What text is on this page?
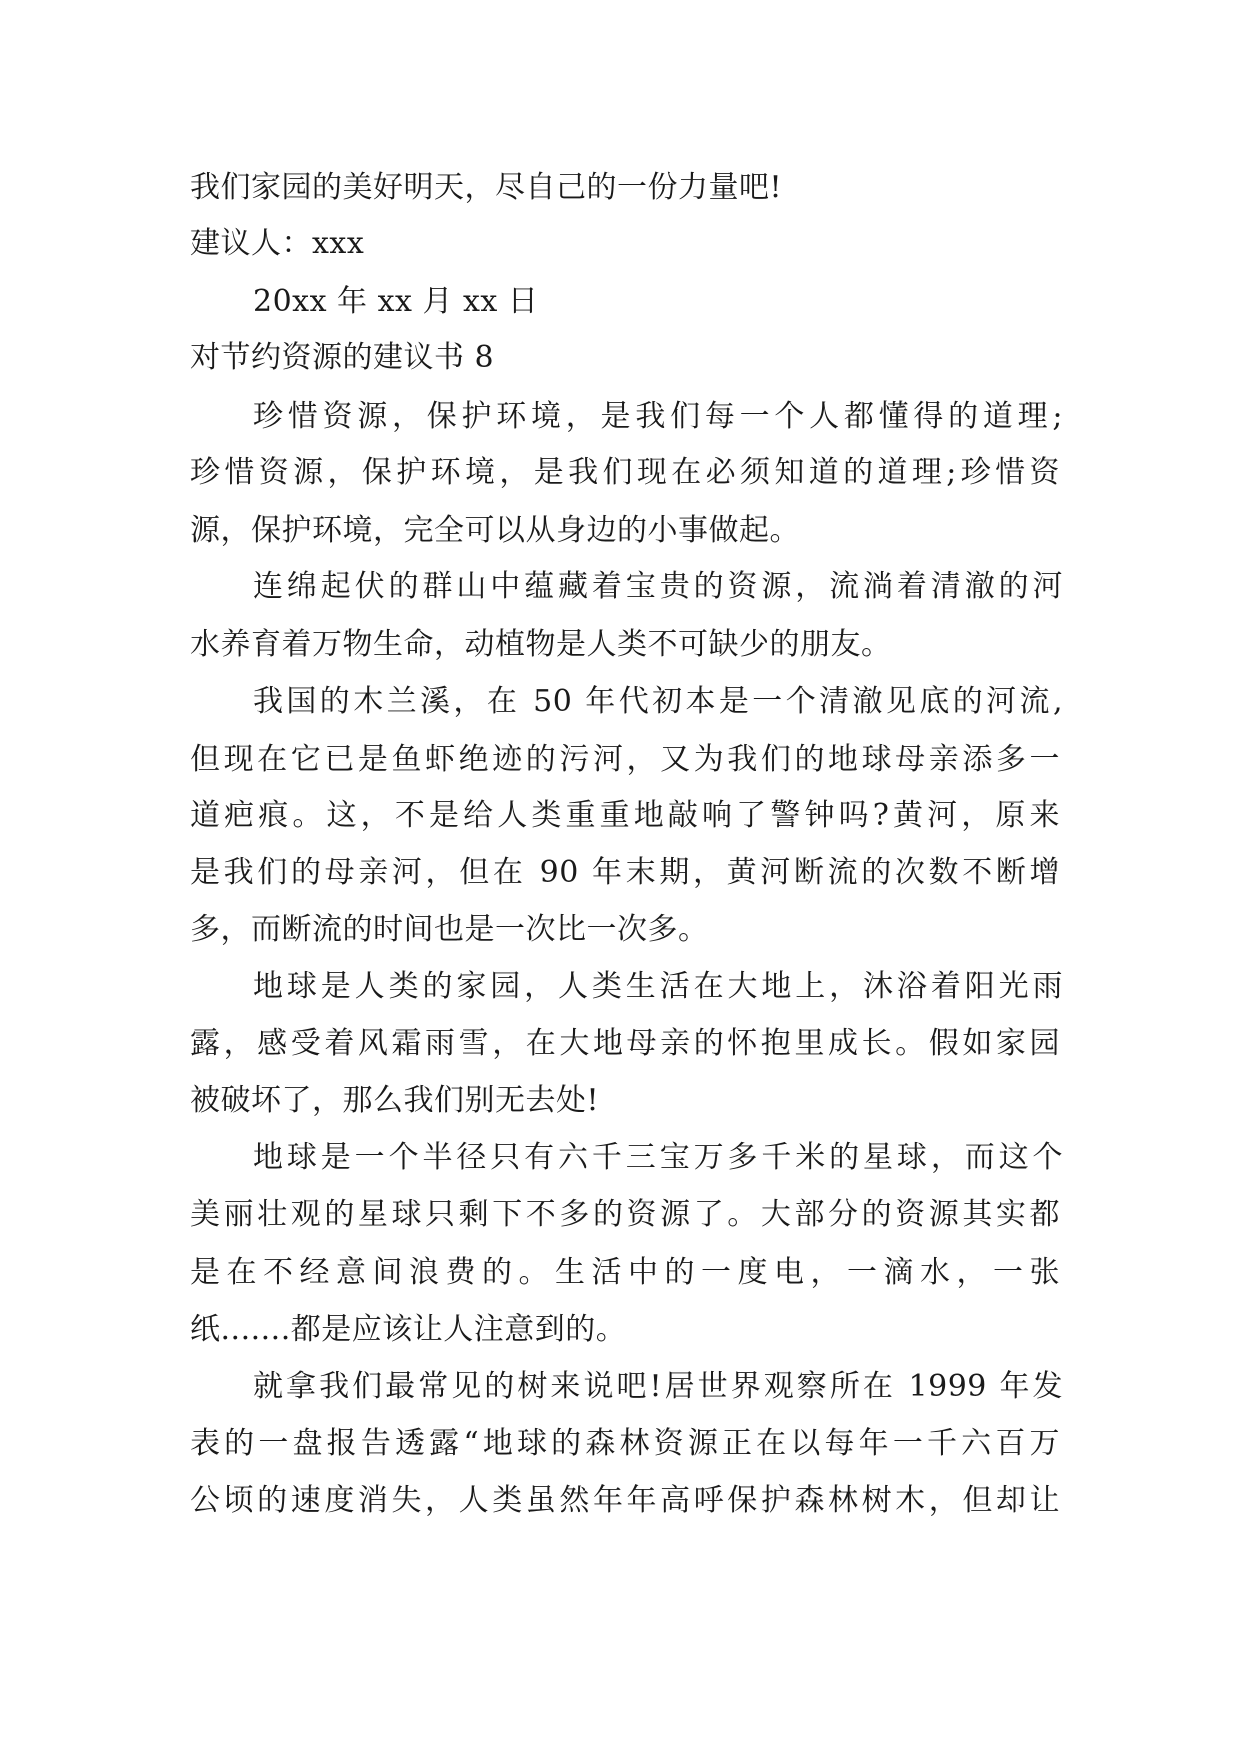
我们家园的美好明天，尽自己的一份力量吧!
建议人：xxx
20xx 年 xx 月 xx 日
对节约资源的建议书 8
珍惜资源，保护环境，是我们每一个人都懂得的道理;
珍惜资源，保护环境，是我们现在必须知道的道理;珍惜资
源，保护环境，完全可以从身边的小事做起。
连绵起伏的群山中蕴藏着宝贵的资源，流淌着清澈的河
水养育着万物生命，动植物是人类不可缺少的朋友。
我国的木兰溪，在 50 年代初本是一个清澈见底的河流,
但现在它已是鱼虾绝迹的污河，又为我们的地球母亲添多一
道疤痕。这，不是给人类重重地敲响了警钟吗?黄河，原来
是我们的母亲河，但在 90 年末期，黄河断流的次数不断增
多，而断流的时间也是一次比一次多。
地球是人类的家园，人类生活在大地上，沐浴着阳光雨
露，感受着风霜雨雪，在大地母亲的怀抱里成长。假如家园
被破坏了，那么我们别无去处!
地球是一个半径只有六千三宝万多千米的星球，而这个
美丽壮观的星球只剩下不多的资源了。大部分的资源其实都
是在不经意间浪费的。生活中的一度电，一滴水，一张
纸.......都是应该让人注意到的。
就拿我们最常见的树来说吧!居世界观察所在 1999 年发
表的一盘报告透露“地球的森林资源正在以每年一千六百万
公顷的速度消失，人类虽然年年高呼保护森林树木，但却让
